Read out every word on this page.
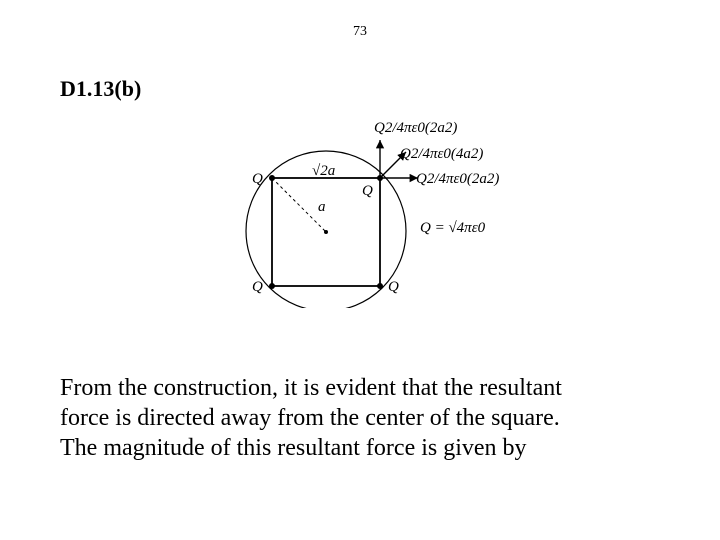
73
D1.13(b)
Q
Q
Q	Q
√2a
a
Q2/4πε0(2a2)
Q2/4πε0(4a2)
Q2/4πε0(2a2)
Q = √4πε0

From the construction, it is evident that the resultant
force is directed away from the center of the square.
The magnitude of this resultant force is given by
